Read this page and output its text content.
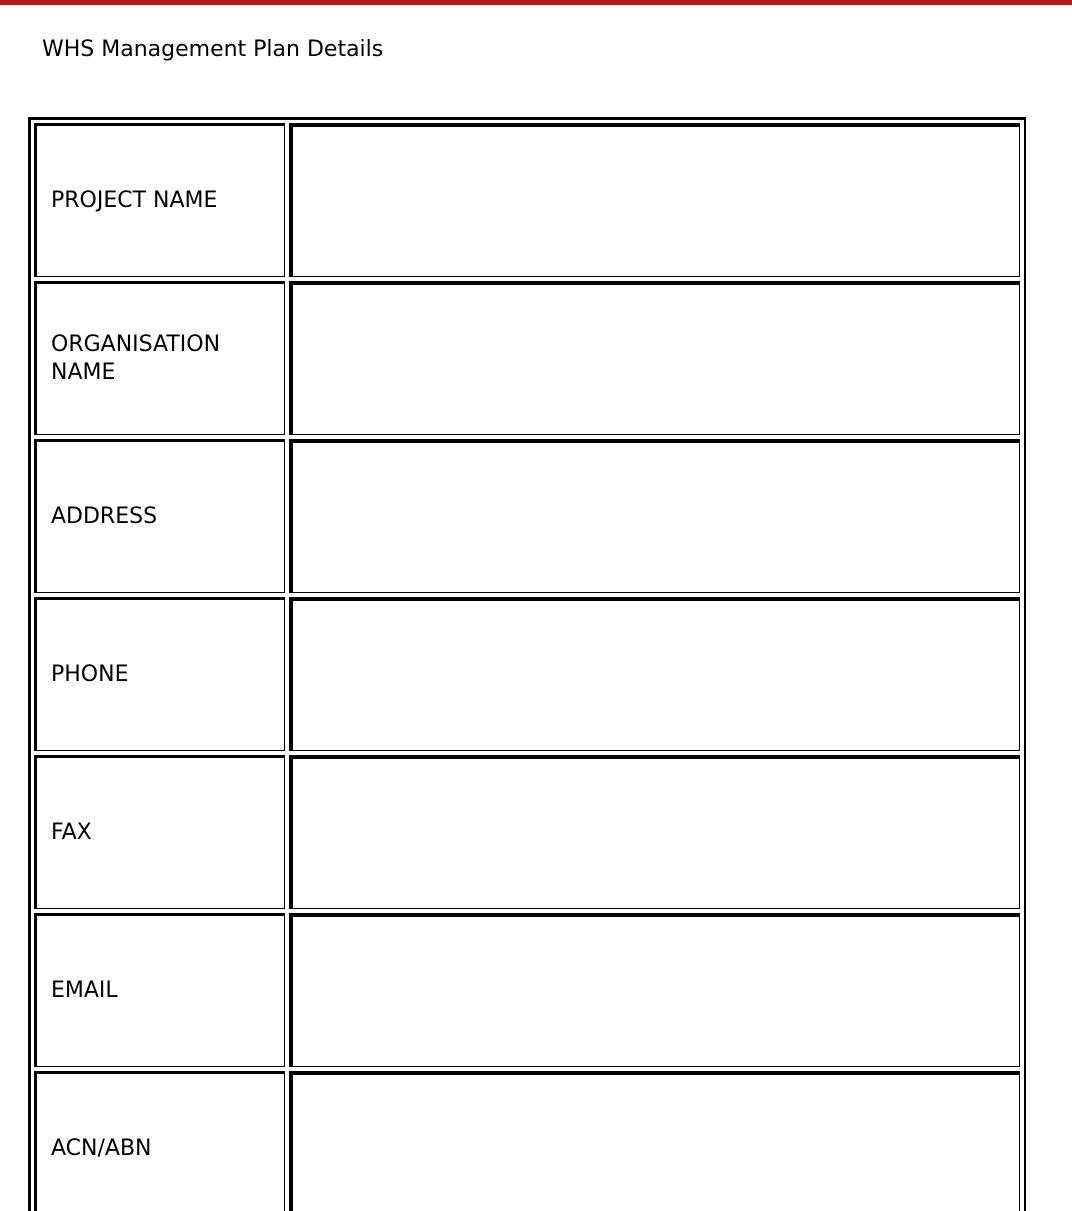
WHS Management Plan Details
PROJECT NAME	

ORGANISATION NAME	

ADDRESS	

PHONE	

FAX	

EMAIL	

ACN/ABN	
